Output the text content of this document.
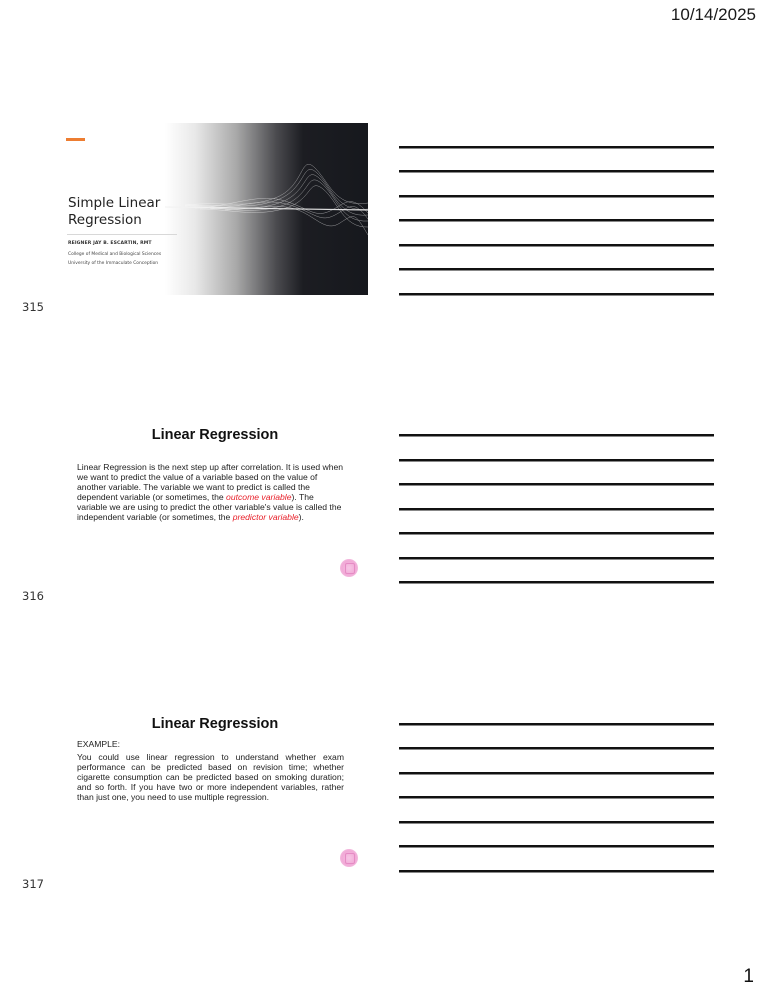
10/14/2025
Simple Linear
Regression
REIGNER JAY B. ESCARTIN, RMT
College of Medical and Biological Sciences
University of the Immaculate Conception
315
Linear Regression
Linear Regression is the next step up after correlation. It is used when we want to predict the value of a variable based on the value of another variable. The variable we want to predict is called the dependent variable (or sometimes, the outcome variable). The variable we are using to predict the other variable's value is called the independent variable (or sometimes, the predictor variable).
316
Linear Regression
EXAMPLE:
You could use linear regression to understand whether exam performance can be predicted based on revision time; whether cigarette consumption can be predicted based on smoking duration; and so forth. If you have two or more independent variables, rather than just one, you need to use multiple regression.
317
1
